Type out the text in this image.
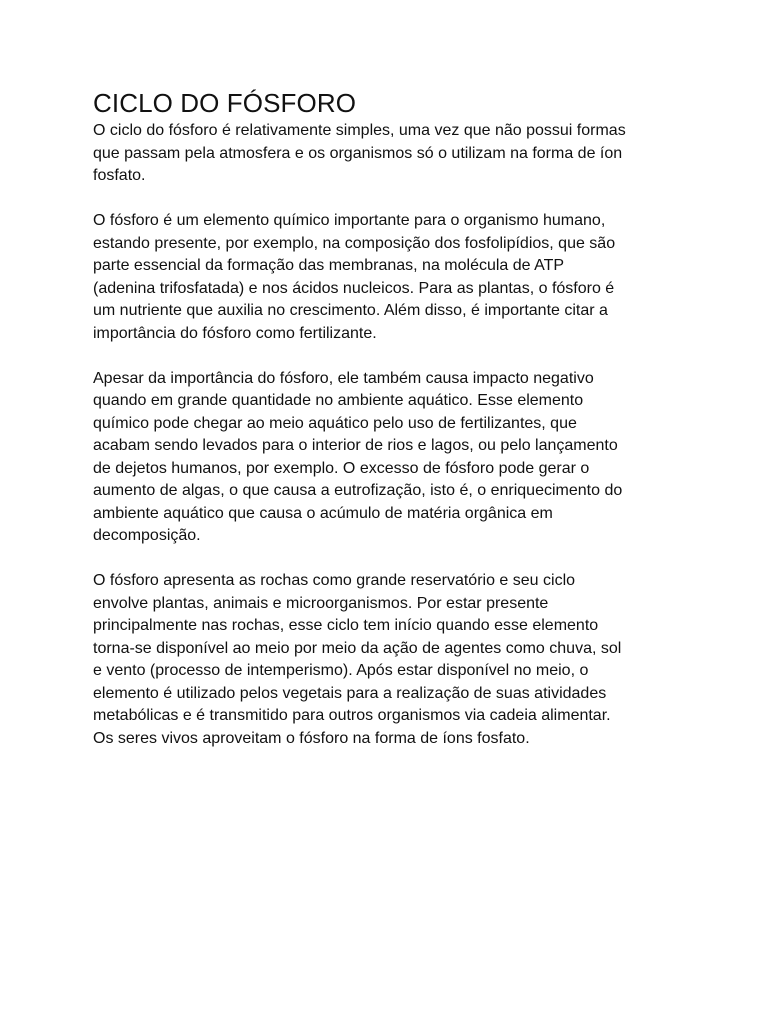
CICLO DO FÓSFORO

O ciclo do fósforo é relativamente simples, uma vez que não possui formas
que passam pela atmosfera e os organismos só o utilizam na forma de íon
fosfato.

O fósforo é um elemento químico importante para o organismo humano,
estando presente, por exemplo, na composição dos fosfolipídios, que são
parte essencial da formação das membranas, na molécula de ATP
(adenina trifosfatada) e nos ácidos nucleicos. Para as plantas, o fósforo é
um nutriente que auxilia no crescimento. Além disso, é importante citar a
importância do fósforo como fertilizante.

Apesar da importância do fósforo, ele também causa impacto negativo
quando em grande quantidade no ambiente aquático. Esse elemento
químico pode chegar ao meio aquático pelo uso de fertilizantes, que
acabam sendo levados para o interior de rios e lagos, ou pelo lançamento
de dejetos humanos, por exemplo. O excesso de fósforo pode gerar o
aumento de algas, o que causa a eutrofização, isto é, o enriquecimento do
ambiente aquático que causa o acúmulo de matéria orgânica em
decomposição.

O fósforo apresenta as rochas como grande reservatório e seu ciclo
envolve plantas, animais e microorganismos. Por estar presente
principalmente nas rochas, esse ciclo tem início quando esse elemento
torna-se disponível ao meio por meio da ação de agentes como chuva, sol
e vento (processo de intemperismo). Após estar disponível no meio, o
elemento é utilizado pelos vegetais para a realização de suas atividades
metabólicas e é transmitido para outros organismos via cadeia alimentar.
Os seres vivos aproveitam o fósforo na forma de íons fosfato.
